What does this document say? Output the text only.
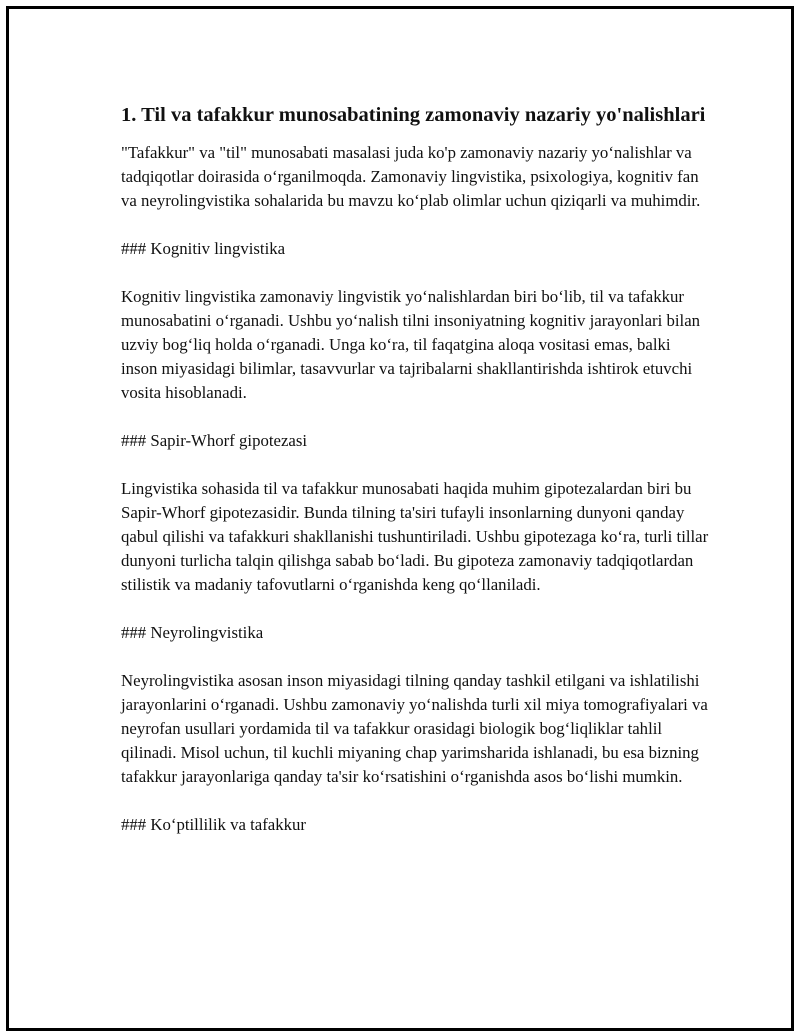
1. Til va tafakkur munosabatining zamonaviy nazariy yo'nalishlari

"Tafakkur" va "til" munosabati masalasi juda ko'p zamonaviy nazariy yo‘nalishlar va tadqiqotlar doirasida o‘rganilmoqda. Zamonaviy lingvistika, psixologiya, kognitiv fan va neyrolingvistika sohalarida bu mavzu ko‘plab olimlar uchun qiziqarli va muhimdir.

### Kognitiv lingvistika

Kognitiv lingvistika zamonaviy lingvistik yo‘nalishlardan biri bo‘lib, til va tafakkur munosabatini o‘rganadi. Ushbu yo‘nalish tilni insoniyatning kognitiv jarayonlari bilan uzviy bog‘liq holda o‘rganadi. Unga ko‘ra, til faqatgina aloqa vositasi emas, balki inson miyasidagi bilimlar, tasavvurlar va tajribalarni shakllantirishda ishtirok etuvchi vosita hisoblanadi.

### Sapir-Whorf gipotezasi

Lingvistika sohasida til va tafakkur munosabati haqida muhim gipotezalardan biri bu Sapir-Whorf gipotezasidir. Bunda tilning ta'siri tufayli insonlarning dunyoni qanday qabul qilishi va tafakkuri shakllanishi tushuntiriladi. Ushbu gipotezaga ko‘ra, turli tillar dunyoni turlicha talqin qilishga sabab bo‘ladi. Bu gipoteza zamonaviy tadqiqotlardan stilistik va madaniy tafovutlarni o‘rganishda keng qo‘llaniladi.

### Neyrolingvistika

Neyrolingvistika asosan inson miyasidagi tilning qanday tashkil etilgani va ishlatilishi jarayonlarini o‘rganadi. Ushbu zamonaviy yo‘nalishda turli xil miya tomografiyalari va neyrofan usullari yordamida til va tafakkur orasidagi biologik bog‘liqliklar tahlil qilinadi. Misol uchun, til kuchli miyaning chap yarimsharida ishlanadi, bu esa bizning tafakkur jarayonlariga qanday ta'sir ko‘rsatishini o‘rganishda asos bo‘lishi mumkin.

### Ko‘ptillilik va tafakkur
